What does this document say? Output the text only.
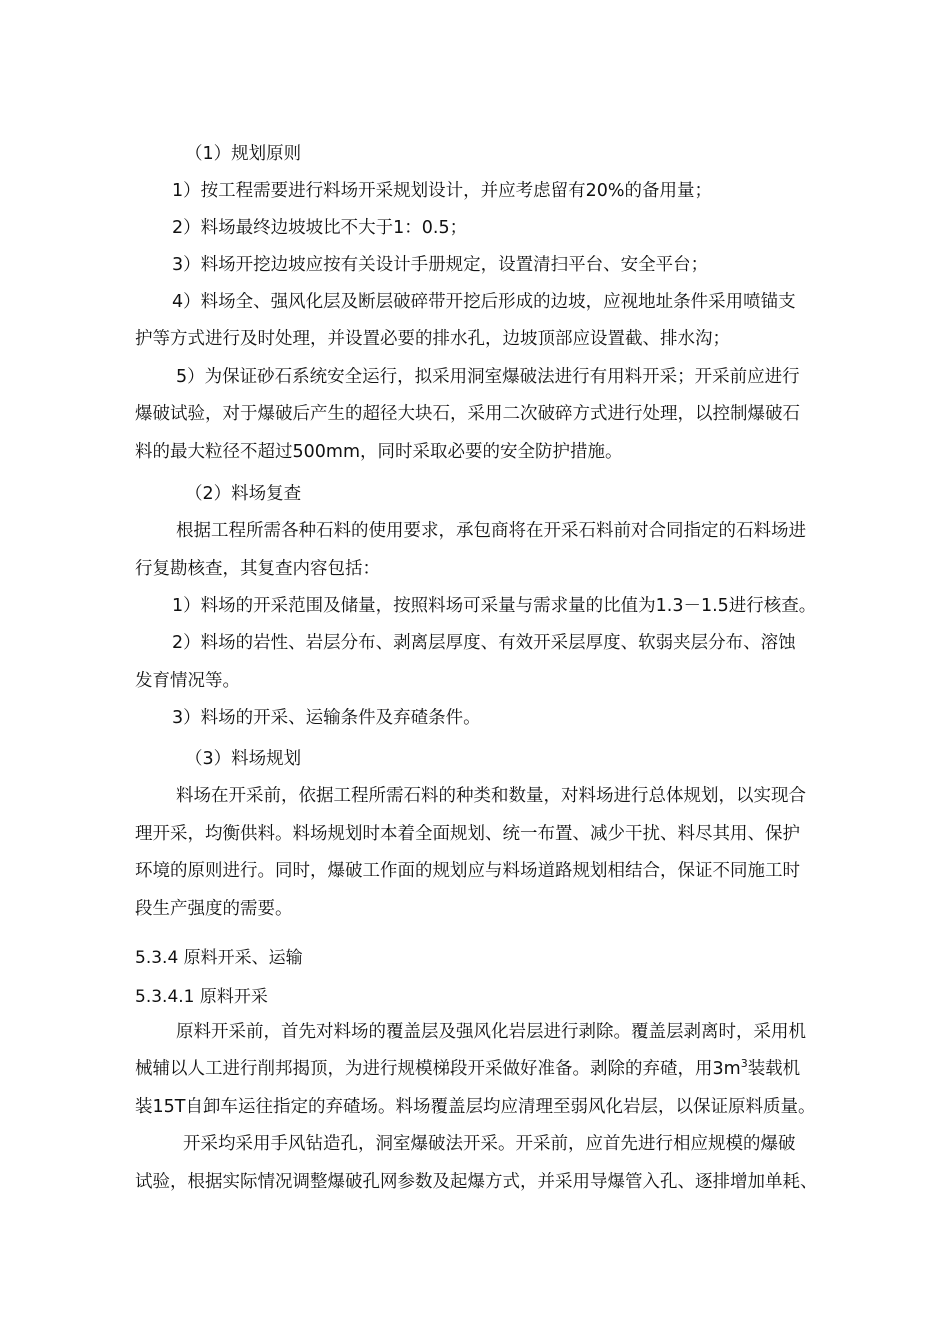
（1）规划原则
1）按工程需要进行料场开采规划设计，并应考虑留有20%的备用量；
2）料场最终边坡坡比不大于1：0.5；
3）料场开挖边坡应按有关设计手册规定，设置清扫平台、安全平台；
4）料场全、强风化层及断层破碎带开挖后形成的边坡，应视地址条件采用喷锚支
护等方式进行及时处理，并设置必要的排水孔，边坡顶部应设置截、排水沟；
5）为保证砂石系统安全运行，拟采用洞室爆破法进行有用料开采；开采前应进行
爆破试验，对于爆破后产生的超径大块石，采用二次破碎方式进行处理，以控制爆破石
料的最大粒径不超过500mm，同时采取必要的安全防护措施。
（2）料场复查
根据工程所需各种石料的使用要求，承包商将在开采石料前对合同指定的石料场进
行复勘核查，其复查内容包括：
1）料场的开采范围及储量，按照料场可采量与需求量的比值为1.3－1.5进行核查。
2）料场的岩性、岩层分布、剥离层厚度、有效开采层厚度、软弱夹层分布、溶蚀
发育情况等。
3）料场的开采、运输条件及弃碴条件。
（3）料场规划
料场在开采前，依据工程所需石料的种类和数量，对料场进行总体规划，以实现合
理开采，均衡供料。料场规划时本着全面规划、统一布置、减少干扰、料尽其用、保护
环境的原则进行。同时，爆破工作面的规划应与料场道路规划相结合，保证不同施工时
段生产强度的需要。
5.3.4 原料开采、运输
5.3.4.1 原料开采
原料开采前，首先对料场的覆盖层及强风化岩层进行剥除。覆盖层剥离时，采用机
械辅以人工进行削邦揭顶，为进行规模梯段开采做好准备。剥除的弃碴，用$3m^3$装载机
装15T自卸车运往指定的弃碴场。料场覆盖层均应清理至弱风化岩层，以保证原料质量。
开采均采用手风钻造孔，洞室爆破法开采。开采前，应首先进行相应规模的爆破
试验，根据实际情况调整爆破孔网参数及起爆方式，并采用导爆管入孔、逐排增加单耗、
